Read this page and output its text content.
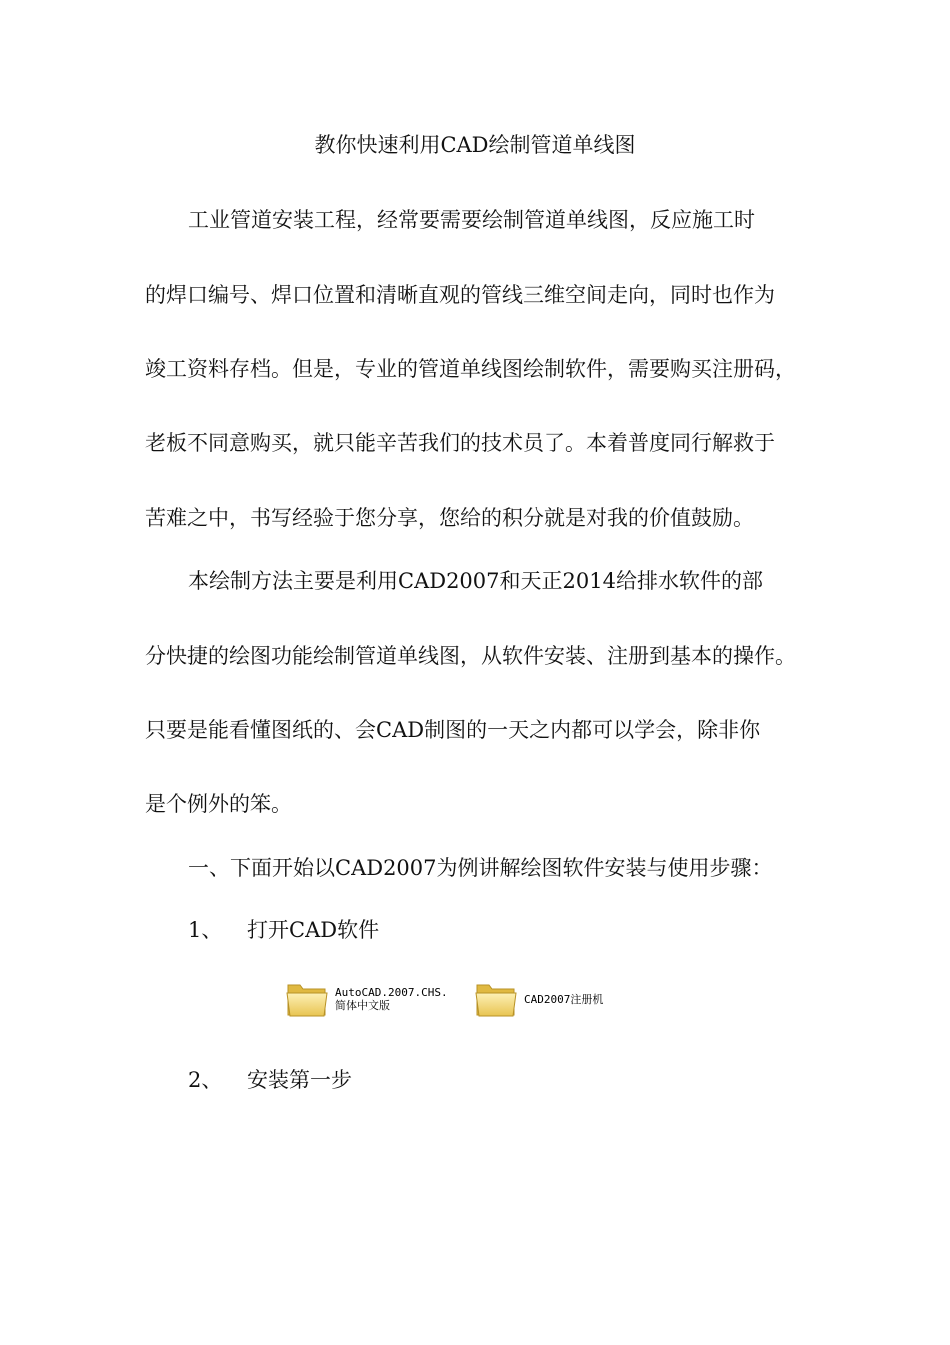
教你快速利用CAD绘制管道单线图
工业管道安装工程，经常要需要绘制管道单线图，反应施工时
的焊口编号、焊口位置和清晰直观的管线三维空间走向，同时也作为
竣工资料存档。但是，专业的管道单线图绘制软件，需要购买注册码，
老板不同意购买，就只能辛苦我们的技术员了。本着普度同行解救于
苦难之中，书写经验于您分享，您给的积分就是对我的价值鼓励。
本绘制方法主要是利用CAD2007和天正2014给排水软件的部
分快捷的绘图功能绘制管道单线图，从软件安装、注册到基本的操作。
只要是能看懂图纸的、会CAD制图的一天之内都可以学会，除非你
是个例外的笨。
一、下面开始以CAD2007为例讲解绘图软件安装与使用步骤：
1、 打开CAD软件
AutoCAD.2007.CHS.简体中文版	CAD2007注册机
2、 安装第一步
